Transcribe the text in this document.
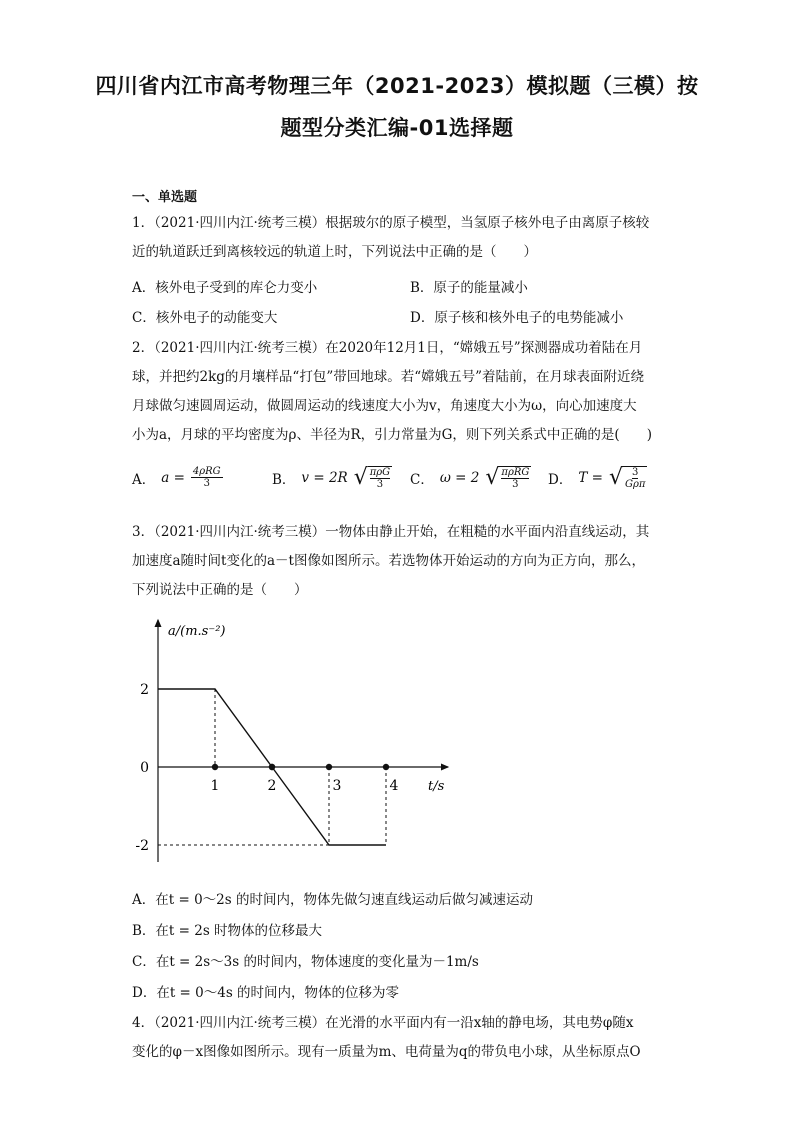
四川省内江市高考物理三年（2021-2023）模拟题（三模）按
题型分类汇编-01选择题
一、单选题
1．（2021·四川内江·统考三模）根据玻尔的原子模型，当氢原子核外电子由离原子核较
近的轨道跃迁到离核较远的轨道上时，下列说法中正确的是（　　）
A．核外电子受到的库仑力变小	B．原子的能量减小
C．核外电子的动能变大	D．原子核和核外电子的电势能减小
2．（2021·四川内江·统考三模）在2020年12月1日，“嫦娥五号”探测器成功着陆在月
球，并把约2kg的月壤样品“打包”带回地球。若“嫦娥五号”着陆前，在月球表面附近绕
月球做匀速圆周运动，做圆周运动的线速度大小为v，角速度大小为ω，向心加速度大
小为a，月球的平均密度为ρ、半径为R，引力常量为G，则下列关系式中正确的是(　　)
A． $a = \frac{\text{4ρRG}}{3}$	B． v = 2R √ πρG
3 C． ω = 2 √ πρRG
3 D． T = √ 3
Gρπ
3．（2021·四川内江·统考三模）一物体由静止开始，在粗糙的水平面内沿直线运动，其
加速度a随时间t变化的a－t图像如图所示。若选物体开始运动的方向为正方向，那么，
下列说法中正确的是（　　）
a/(m.s⁻²)
t/s
2
0
-2
1	2	3	4
A．在t = 0～2s 的时间内，物体先做匀速直线运动后做匀减速运动
B．在t = 2s 时物体的位移最大
C．在t = 2s～3s 的时间内，物体速度的变化量为－1m/s
D．在t = 0～4s 的时间内，物体的位移为零
4．（2021·四川内江·统考三模）在光滑的水平面内有一沿x轴的静电场，其电势φ随x
变化的φ－x图像如图所示。现有一质量为m、电荷量为q的带负电小球，从坐标原点O
